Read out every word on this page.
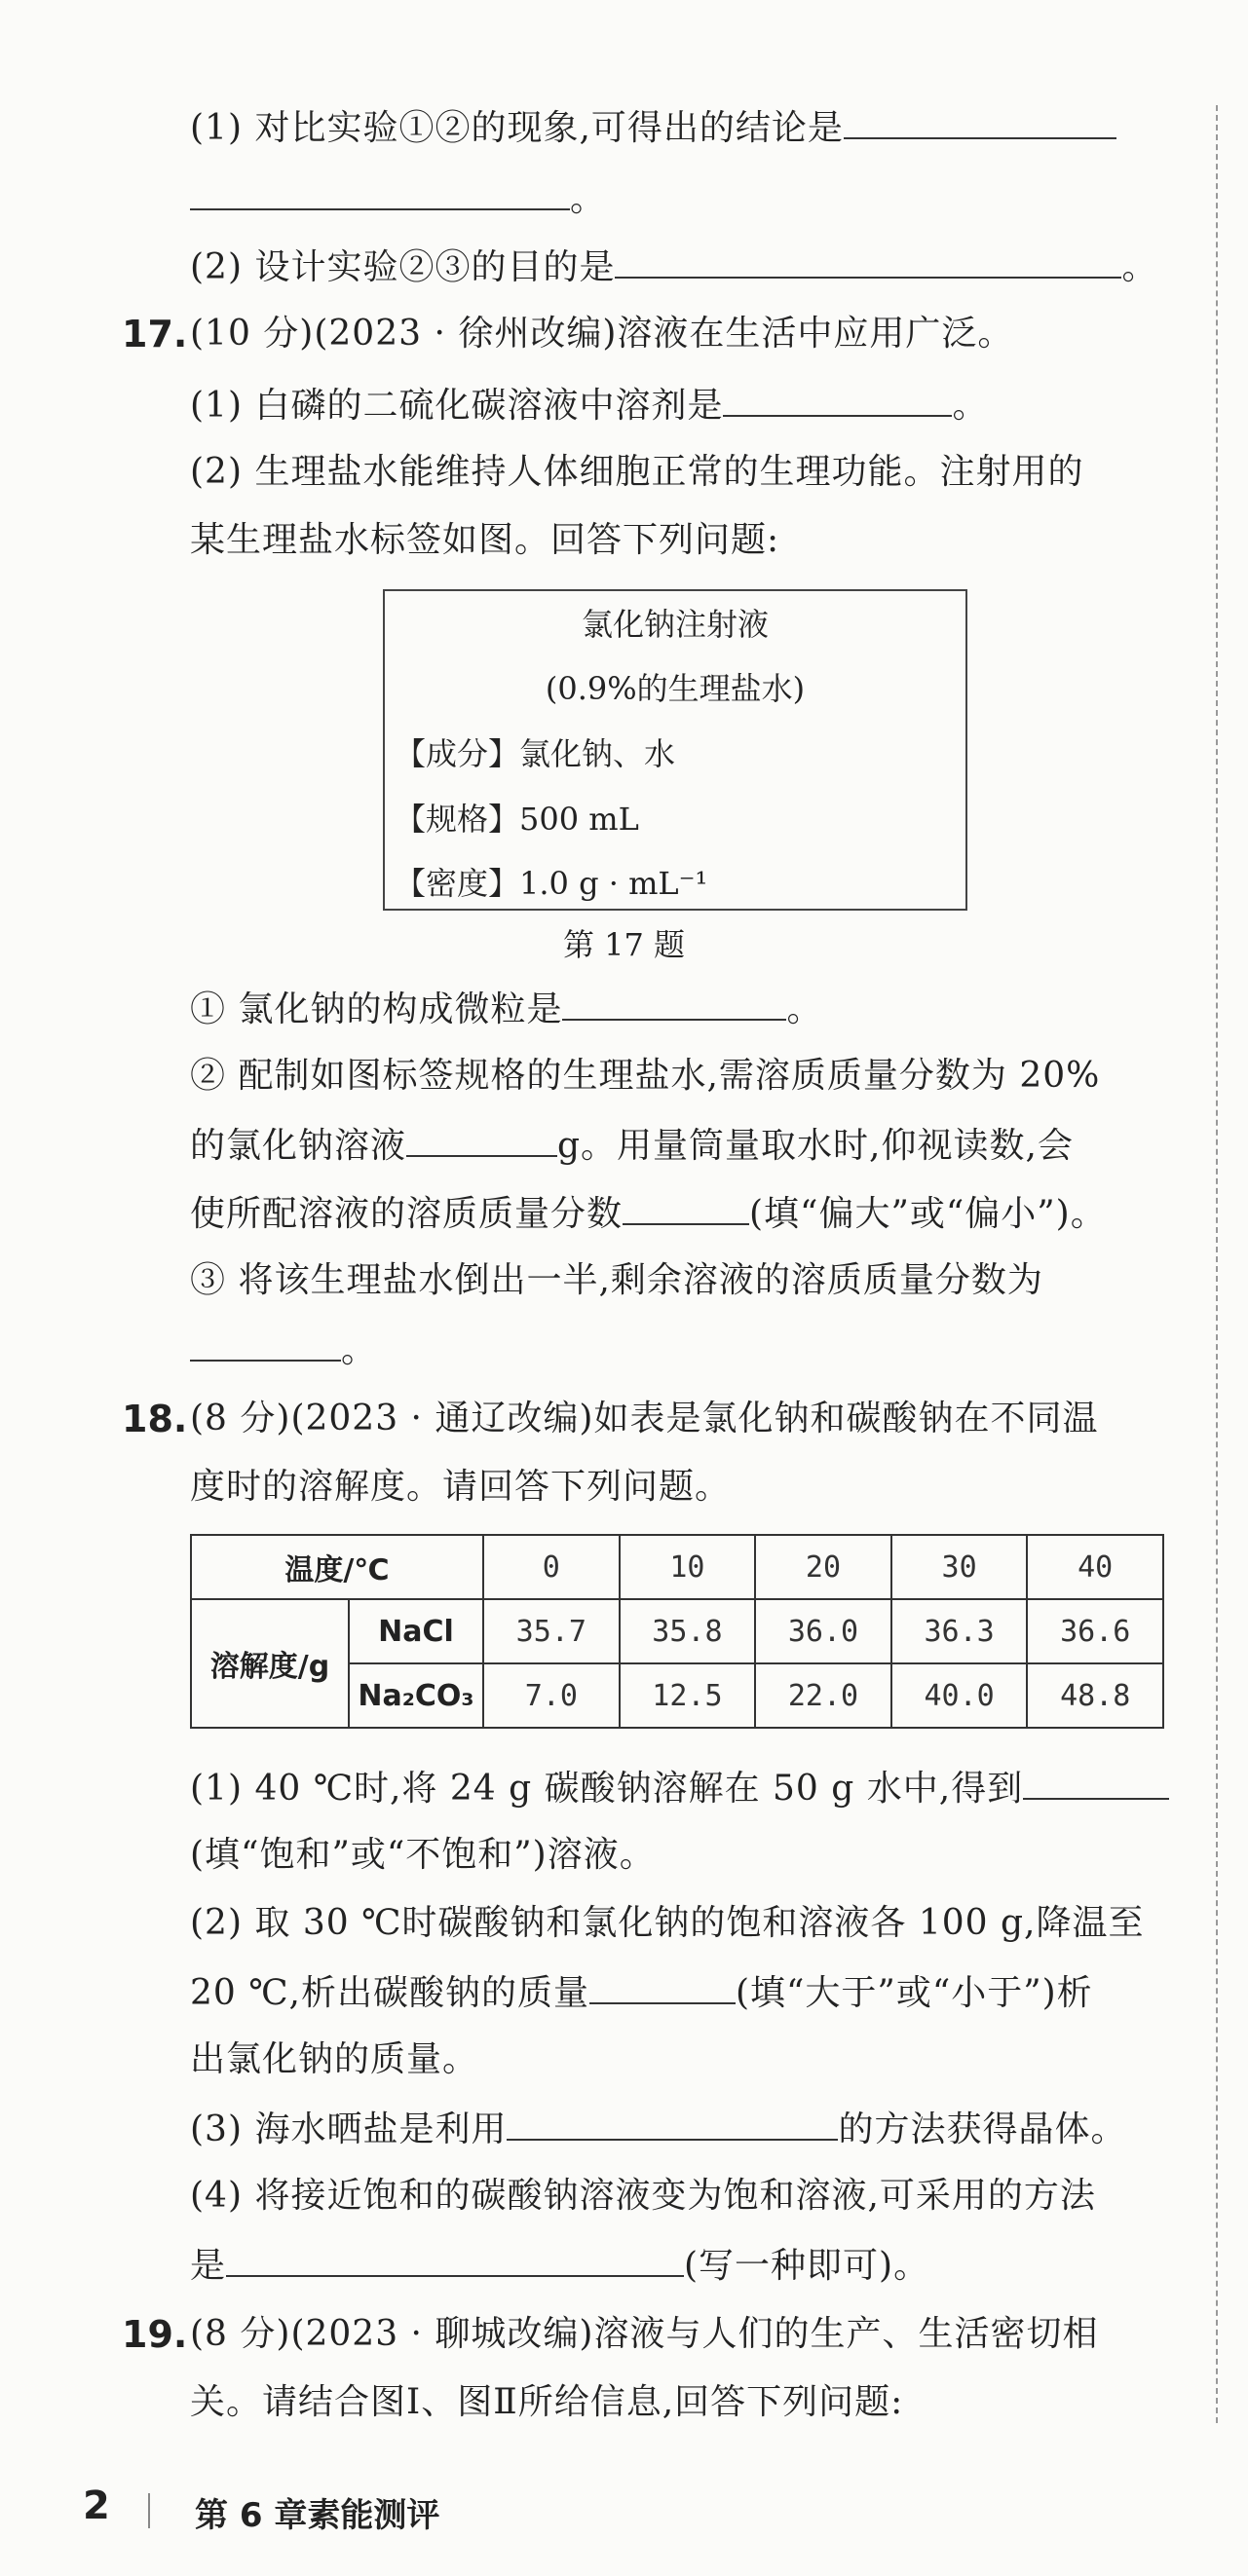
(1) 对比实验①②的现象,可得出的结论是
。
(2) 设计实验②③的目的是	。
17. (10 分)(2023 · 徐州改编)溶液在生活中应用广泛。
(1) 白磷的二硫化碳溶液中溶剂是	。
(2) 生理盐水能维持人体细胞正常的生理功能。注射用的
某生理盐水标签如图。回答下列问题:
氯化钠注射液
(0.9%的生理盐水)
【成分】氯化钠、水
【规格】500 mL
【密度】1.0 g · mL⁻¹
第 17 题
① 氯化钠的构成微粒是	。
② 配制如图标签规格的生理盐水,需溶质质量分数为 20%
的氯化钠溶液	g。用量筒量取水时,仰视读数,会
使所配溶液的溶质质量分数	(填“偏大”或“偏小”)。
③ 将该生理盐水倒出一半,剩余溶液的溶质质量分数为
。
18. (8 分)(2023 · 通辽改编)如表是氯化钠和碳酸钠在不同温
度时的溶解度。请回答下列问题。
温度/℃		0	10	20	30	40
溶解度/g	NaCl	35.7	35.8	36.0	36.3	36.6
	Na₂CO₃	7.0	12.5	22.0	40.0	48.8
(1) 40 ℃时,将 24 g 碳酸钠溶解在 50 g 水中,得到
(填“饱和”或“不饱和”)溶液。
(2) 取 30 ℃时碳酸钠和氯化钠的饱和溶液各 100 g,降温至
20 ℃,析出碳酸钠的质量	(填“大于”或“小于”)析
出氯化钠的质量。
(3) 海水晒盐是利用	的方法获得晶体。
(4) 将接近饱和的碳酸钠溶液变为饱和溶液,可采用的方法
是	(写一种即可)。
19. (8 分)(2023 · 聊城改编)溶液与人们的生产、生活密切相
关。请结合图Ⅰ、图Ⅱ所给信息,回答下列问题:
2	第 6 章素能测评
